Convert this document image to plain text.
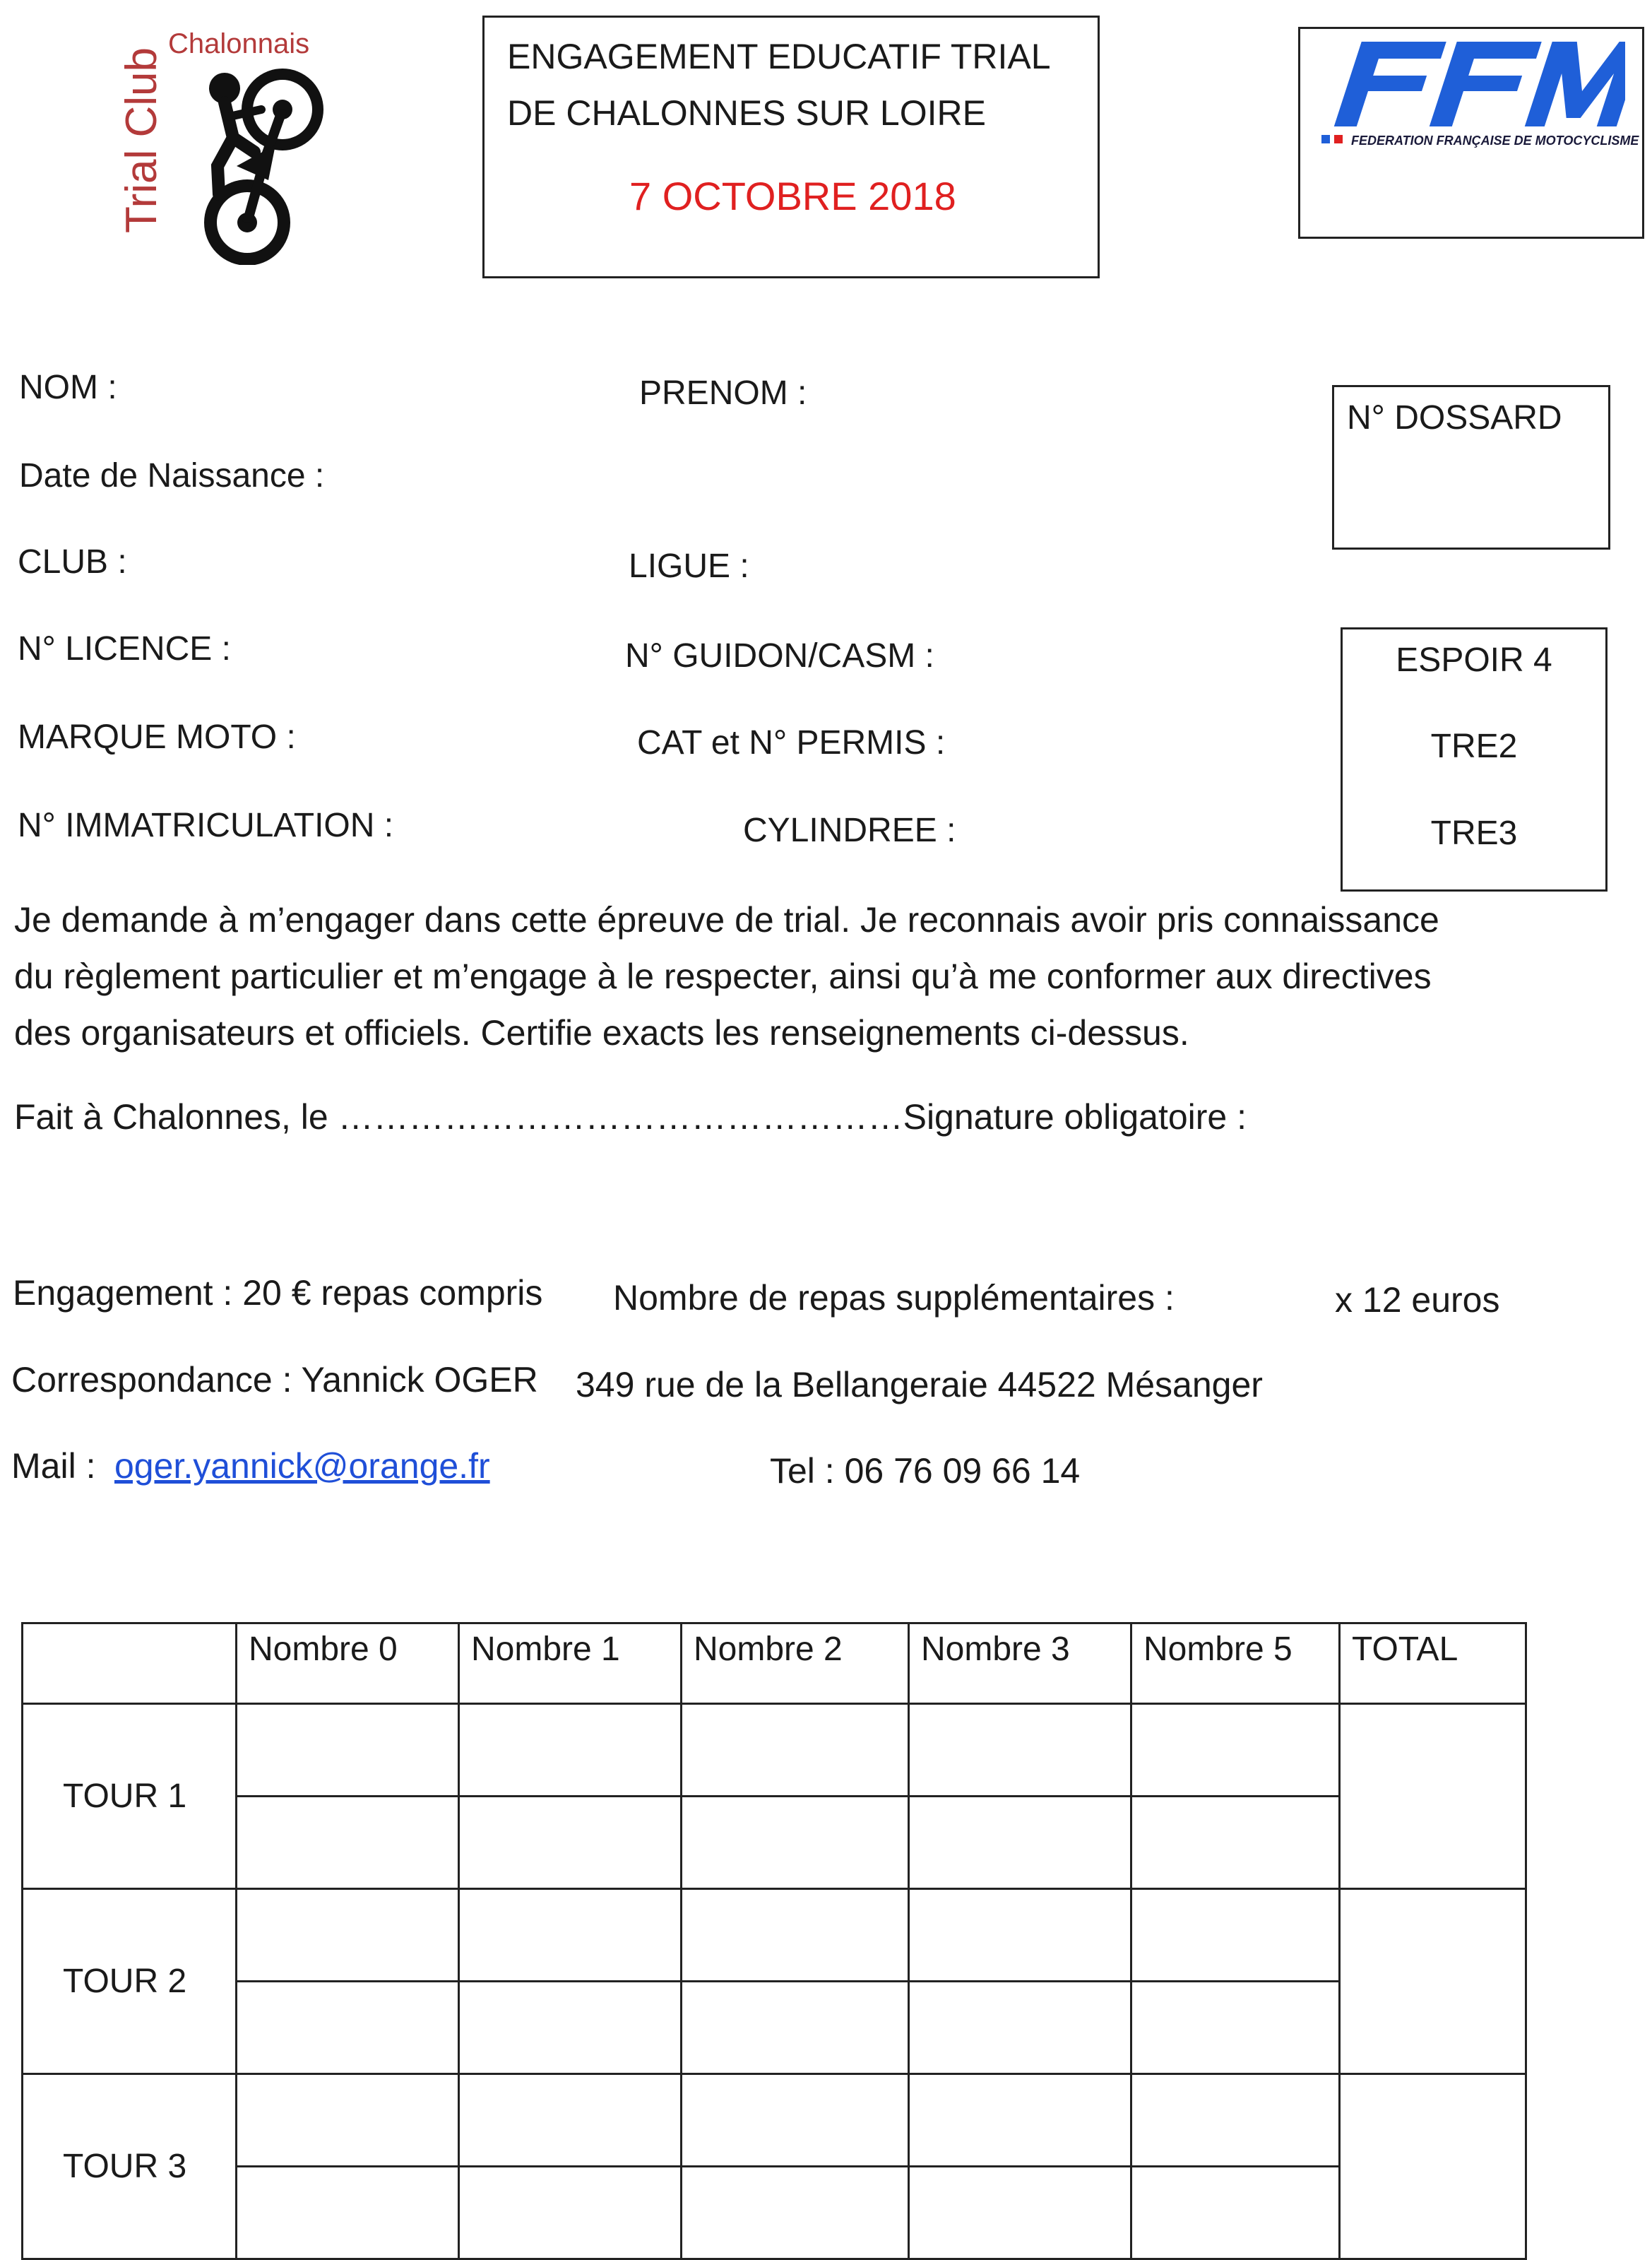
Trial Club
Chalonnais	ENGAGEMENT EDUCATIF TRIAL
DE CHALONNES SUR LOIRE
7 OCTOBRE 2018
FEDERATION FRANÇAISE DE MOTOCYCLISME
NOM :	PRENOM :
Date de Naissance :
CLUB :	LIGUE :
N° LICENCE :	N° GUIDON/CASM :
MARQUE MOTO :	CAT et N° PERMIS :
N° IMMATRICULATION :	CYLINDREE :
N° DOSSARD
ESPOIR 4
TRE2
TRE3
Je demande à m’engager dans cette épreuve de trial. Je reconnais avoir pris connaissance
du règlement particulier et m’engage à le respecter, ainsi qu’à me conformer aux directives
des organisateurs et officiels. Certifie exacts les renseignements ci-dessus.
Fait à Chalonnes, le …………………………………………Signature obligatoire :
Engagement : 20 € repas compris Nombre de repas supplémentaires :	x 12 euros
Correspondance : Yannick OGER 349 rue de la Bellangeraie 44522 Mésanger
Mail : oger.yannick@orange.fr	Tel : 06 76 09 66 14
	Nombre 0	Nombre 1	Nombre 2	Nombre 3	Nombre 5	TOTAL
TOUR 1						

TOUR 2						

TOUR 3						
